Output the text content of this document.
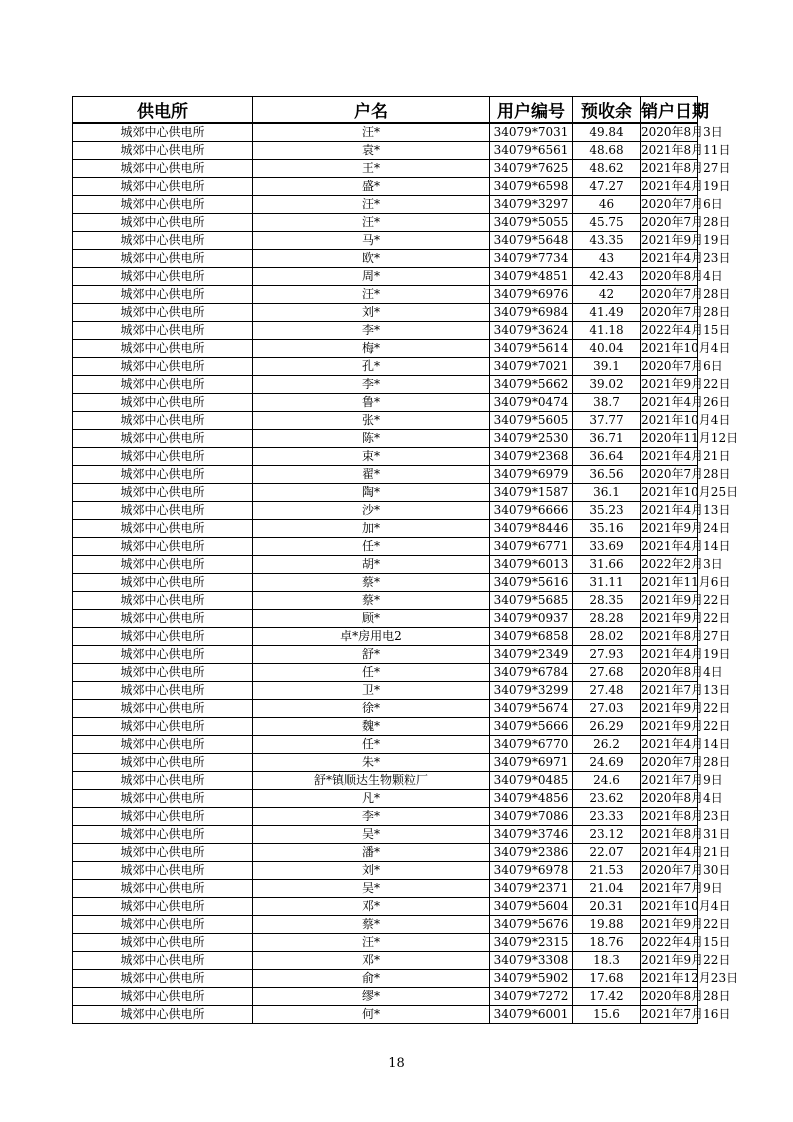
供电所	户名	用户编号	预收余	销户日期
城郊中心供电所	汪*	34079*7031	49.84	2020年8月3日
城郊中心供电所	袁*	34079*6561	48.68	2021年8月11日
城郊中心供电所	王*	34079*7625	48.62	2021年8月27日
城郊中心供电所	盛*	34079*6598	47.27	2021年4月19日
城郊中心供电所	汪*	34079*3297	46	2020年7月6日
城郊中心供电所	汪*	34079*5055	45.75	2020年7月28日
城郊中心供电所	马*	34079*5648	43.35	2021年9月19日
城郊中心供电所	欧*	34079*7734	43	2021年4月23日
城郊中心供电所	周*	34079*4851	42.43	2020年8月4日
城郊中心供电所	汪*	34079*6976	42	2020年7月28日
城郊中心供电所	刘*	34079*6984	41.49	2020年7月28日
城郊中心供电所	李*	34079*3624	41.18	2022年4月15日
城郊中心供电所	梅*	34079*5614	40.04	2021年10月4日
城郊中心供电所	孔*	34079*7021	39.1	2020年7月6日
城郊中心供电所	李*	34079*5662	39.02	2021年9月22日
城郊中心供电所	鲁*	34079*0474	38.7	2021年4月26日
城郊中心供电所	张*	34079*5605	37.77	2021年10月4日
城郊中心供电所	陈*	34079*2530	36.71	2020年11月12日
城郊中心供电所	束*	34079*2368	36.64	2021年4月21日
城郊中心供电所	翟*	34079*6979	36.56	2020年7月28日
城郊中心供电所	陶*	34079*1587	36.1	2021年10月25日
城郊中心供电所	沙*	34079*6666	35.23	2021年4月13日
城郊中心供电所	加*	34079*8446	35.16	2021年9月24日
城郊中心供电所	任*	34079*6771	33.69	2021年4月14日
城郊中心供电所	胡*	34079*6013	31.66	2022年2月3日
城郊中心供电所	蔡*	34079*5616	31.11	2021年11月6日
城郊中心供电所	蔡*	34079*5685	28.35	2021年9月22日
城郊中心供电所	顾*	34079*0937	28.28	2021年9月22日
城郊中心供电所	卓*房用电2	34079*6858	28.02	2021年8月27日
城郊中心供电所	舒*	34079*2349	27.93	2021年4月19日
城郊中心供电所	任*	34079*6784	27.68	2020年8月4日
城郊中心供电所	卫*	34079*3299	27.48	2021年7月13日
城郊中心供电所	徐*	34079*5674	27.03	2021年9月22日
城郊中心供电所	魏*	34079*5666	26.29	2021年9月22日
城郊中心供电所	任*	34079*6770	26.2	2021年4月14日
城郊中心供电所	朱*	34079*6971	24.69	2020年7月28日
城郊中心供电所	舒*镇顺达生物颗粒厂	34079*0485	24.6	2021年7月9日
城郊中心供电所	凡*	34079*4856	23.62	2020年8月4日
城郊中心供电所	李*	34079*7086	23.33	2021年8月23日
城郊中心供电所	吴*	34079*3746	23.12	2021年8月31日
城郊中心供电所	潘*	34079*2386	22.07	2021年4月21日
城郊中心供电所	刘*	34079*6978	21.53	2020年7月30日
城郊中心供电所	吴*	34079*2371	21.04	2021年7月9日
城郊中心供电所	邓*	34079*5604	20.31	2021年10月4日
城郊中心供电所	蔡*	34079*5676	19.88	2021年9月22日
城郊中心供电所	汪*	34079*2315	18.76	2022年4月15日
城郊中心供电所	邓*	34079*3308	18.3	2021年9月22日
城郊中心供电所	俞*	34079*5902	17.68	2021年12月23日
城郊中心供电所	缪*	34079*7272	17.42	2020年8月28日
城郊中心供电所	何*	34079*6001	15.6	2021年7月16日
18
